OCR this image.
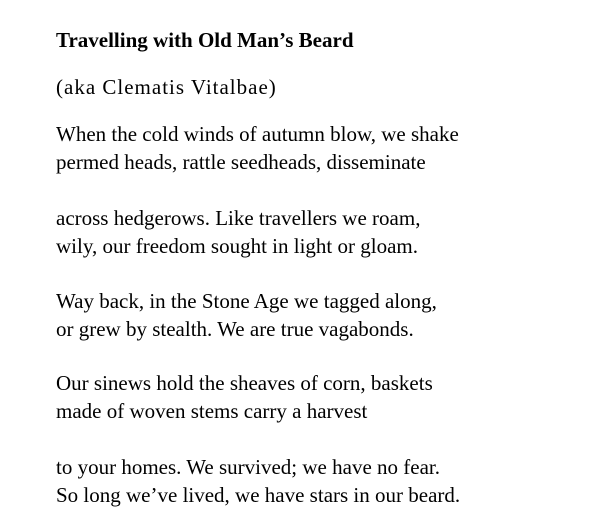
Travelling with Old Man’s Beard

(aka Clematis Vitalbae)

When the cold winds of autumn blow, we shake
permed heads, rattle seedheads, disseminate

across hedgerows. Like travellers we roam,
wily, our freedom sought in light or gloam.

Way back, in the Stone Age we tagged along,
or grew by stealth. We are true vagabonds.

Our sinews hold the sheaves of corn, baskets
made of woven stems carry a harvest

to your homes. We survived; we have no fear.
So long we’ve lived, we have stars in our beard.
